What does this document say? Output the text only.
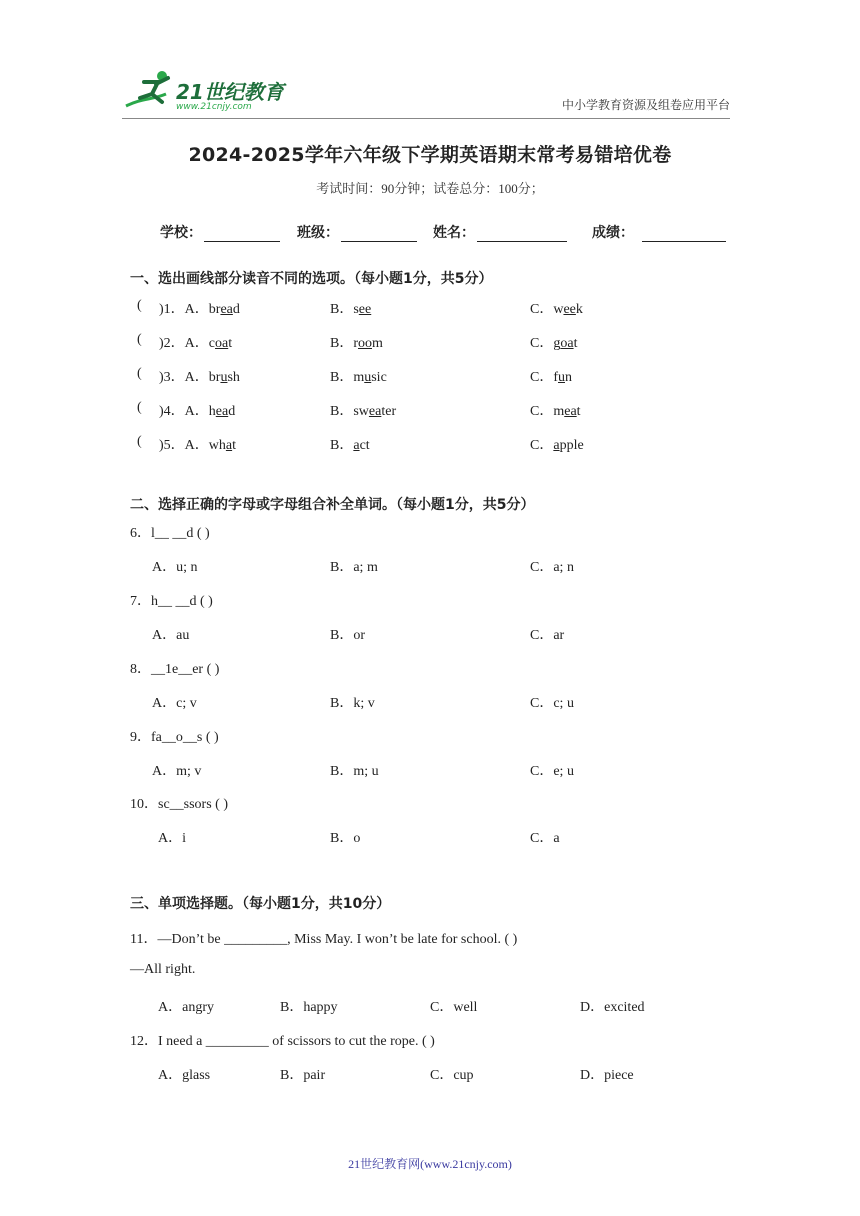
21世纪教育
www.21cnjy.com	中小学教育资源及组卷应用平台
2024-2025学年六年级下学期英语期末常考易错培优卷
考试时间：90分钟；试卷总分：100分；
学校：	班级：	姓名：	成绩：
一、选出画线部分读音不同的选项。（每小题1分，共5分）
( )1．A．bread	B．see	C．week
( )2．A．coat	B．room	C．goat
( )3．A．brush	B．music	C．fun
( )4．A．head	B．sweater	C．meat
( )5．A．what	B．act	C．apple
二、选择正确的字母或字母组合补全单词。（每小题1分，共5分）
6．l__ __d ( )
A．u; n	B．a; m	C．a; n
7．h__ __d ( )
A．au	B．or	C．ar
8．__1e__er ( )
A．c; v	B．k; v	C．c; u
9．fa__o__s ( )
A．m; v	B．m; u	C．e; u
10．sc__ssors ( )
A．i	B．o	C．a
三、单项选择题。（每小题1分，共10分）
11．—Don’t be _________, Miss May. I won’t be late for school. ( )
—All right.
A．angry	B．happy	C．well	D．excited
12．I need a _________ of scissors to cut the rope. ( )
A．glass	B．pair	C．cup	D．piece
21世纪教育网(www.21cnjy.com)
